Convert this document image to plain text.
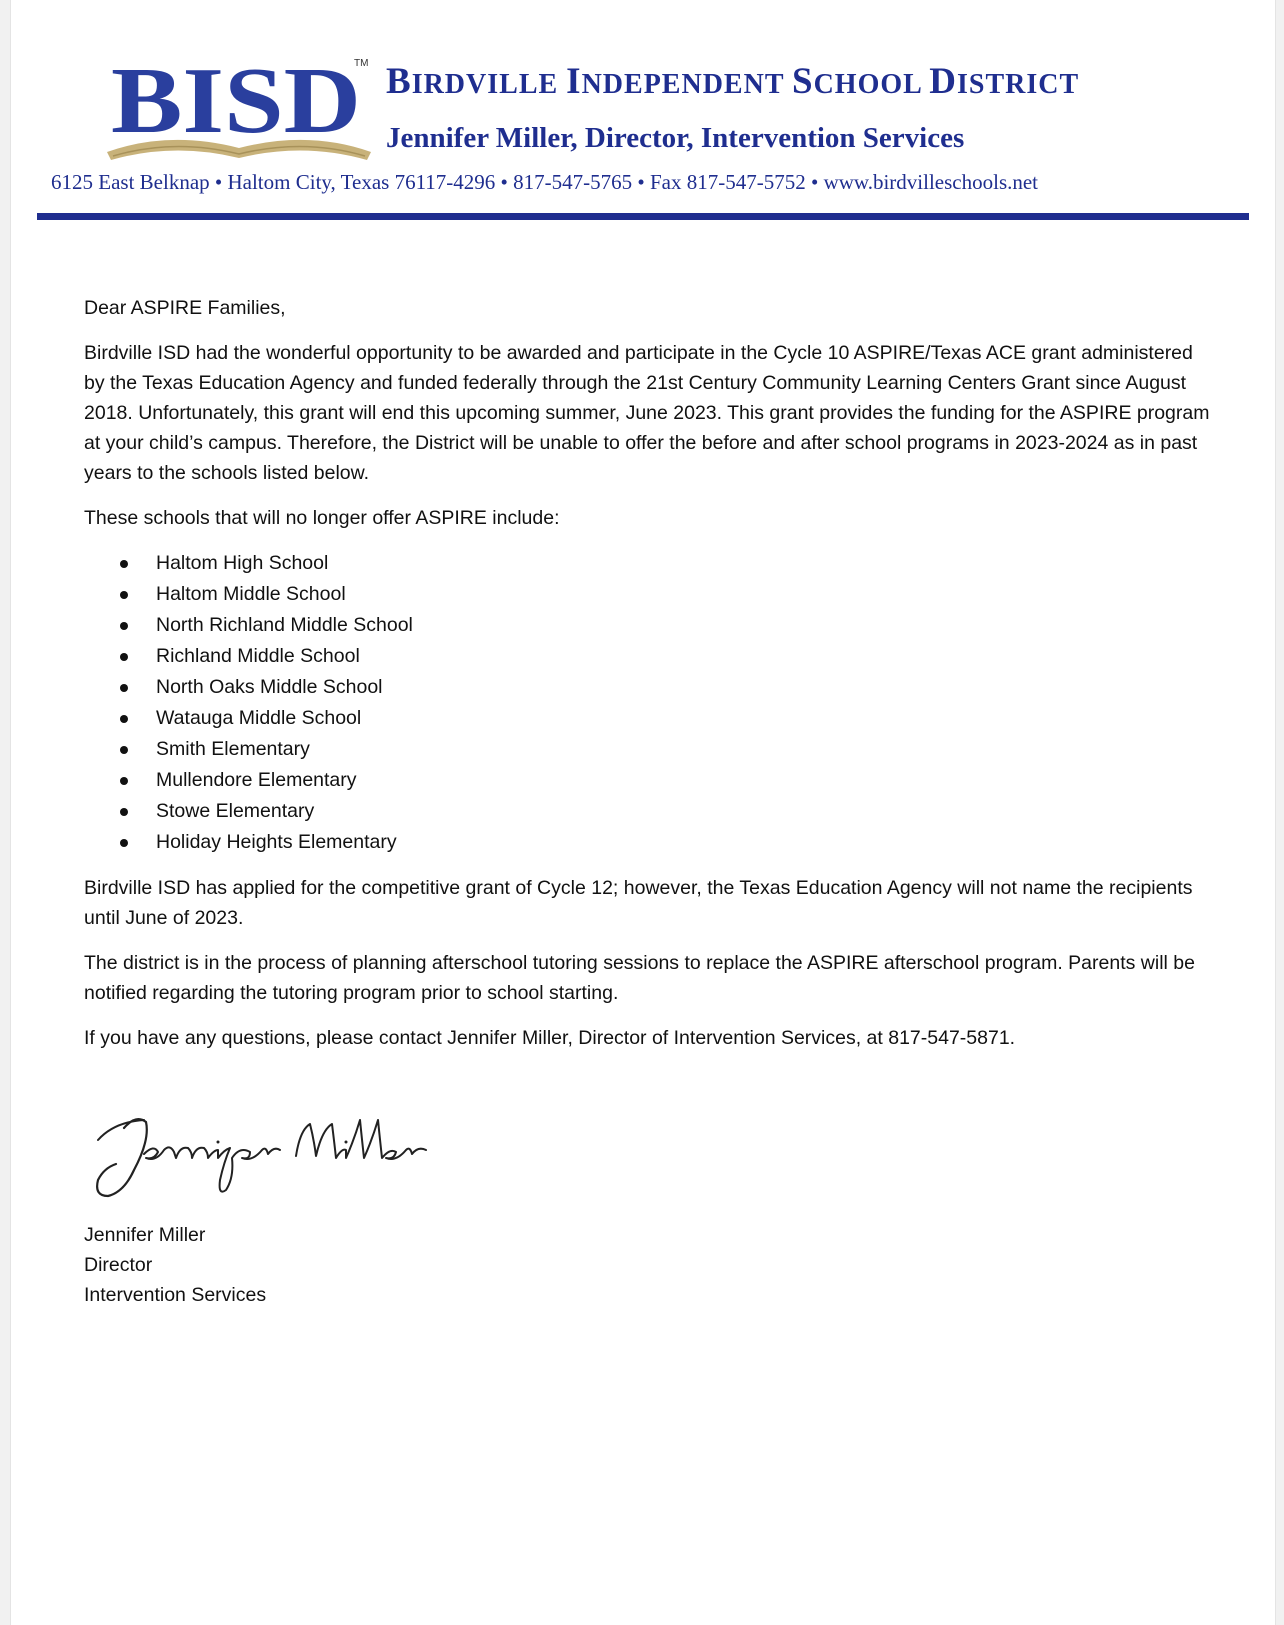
BISD
TM BIRDVILLE INDEPENDENT SCHOOL DISTRICT
Jennifer Miller, Director, Intervention Services
6125 East Belknap • Haltom City, Texas 76117-4296 • 817-547-5765 • Fax 817-547-5752 • www.birdvilleschools.net

Dear ASPIRE Families,

Birdville ISD had the wonderful opportunity to be awarded and participate in the Cycle 10 ASPIRE/Texas ACE grant administered by the Texas Education Agency and funded federally through the 21st Century Community Learning Centers Grant since August 2018. Unfortunately, this grant will end this upcoming summer, June 2023. This grant provides the funding for the ASPIRE program at your child’s campus. Therefore, the District will be unable to offer the before and after school programs in 2023-2024 as in past years to the schools listed below.

These schools that will no longer offer ASPIRE include:

Haltom High School
Haltom Middle School
North Richland Middle School
Richland Middle School
North Oaks Middle School
Watauga Middle School
Smith Elementary
Mullendore Elementary
Stowe Elementary
Holiday Heights Elementary

Birdville ISD has applied for the competitive grant of Cycle 12; however, the Texas Education Agency will not name the recipients until June of 2023.

The district is in the process of planning afterschool tutoring sessions to replace the ASPIRE afterschool program. Parents will be notified regarding the tutoring program prior to school starting.

If you have any questions, please contact Jennifer Miller, Director of Intervention Services, at 817-547-5871.

Jennifer Miller
Director
Intervention Services
